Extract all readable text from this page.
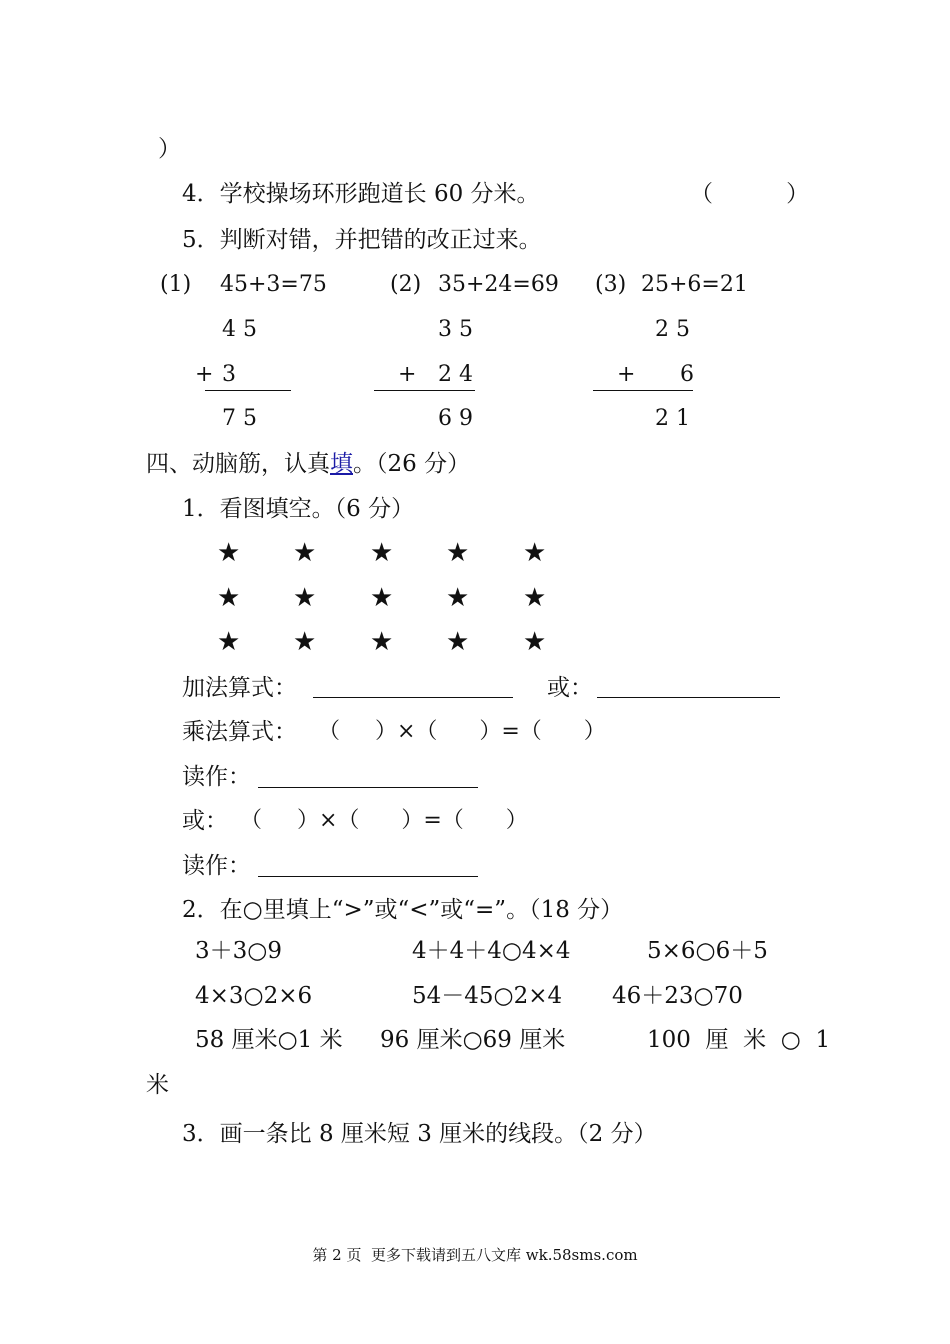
）
4．学校操场环形跑道长 60 分米。	（          ）
5．判断对错，并把错的改正过来。
(1) 45+3=75
4 5
+ 3
7 5
(2) 35+24=69
3 5
+ 2 4
6 9
(3) 25+6=21
2 5
+ 6
2 1
四、动脑筋，认真填。（26 分）
1．看图填空。（6 分）
★ ★ ★ ★ ★
★ ★ ★ ★ ★
★ ★ ★ ★ ★
加法算式：	或：
乘法算式： （     ）×（      ）=（      ）
读作：
或： （     ）×（      ）=（      ）
读作：
2．在○里填上“>”或“<”或“=”。（18 分）
3＋3○9	4＋4＋4○4×4	5×6○6＋5
4×3○2×6	54－45○2×4 46＋23○70
58 厘米○1 米 96 厘米○69 厘米	100  厘  米  ○  1
米
3．画一条比 8 厘米短 3 厘米的线段。（2 分）
第 2 页  更多下载请到五八文库 wk.58sms.com
